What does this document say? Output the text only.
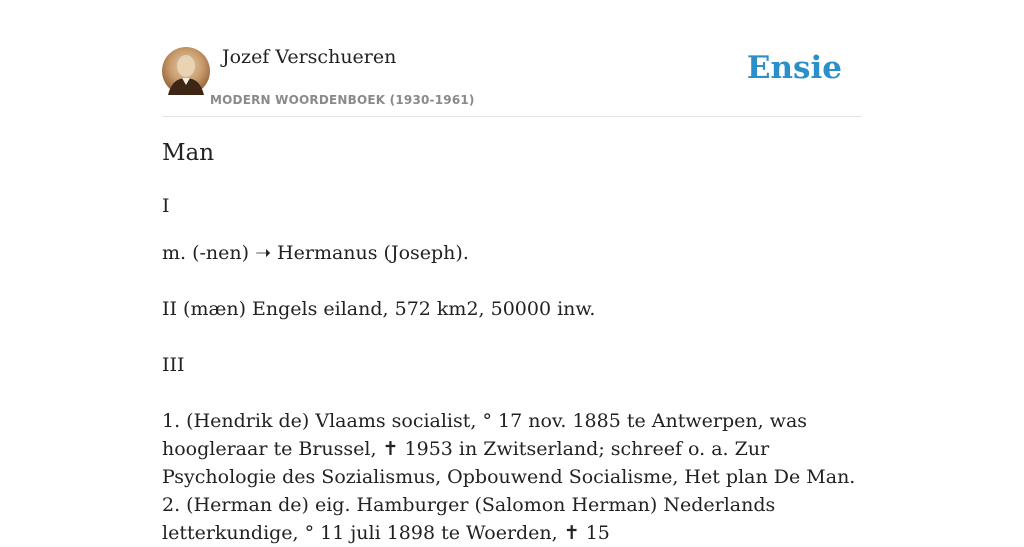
Jozef Verschueren
MODERN WOORDENBOEK (1930-1961)
Ensie
Man

I

m. (-nen) ➝ Hermanus (Joseph).

II (mæn) Engels eiland, 572 km2, 50000 inw.

III

1. (Hendrik de) Vlaams socialist, ° 17 nov. 1885 te Antwerpen, was hoogleraar te Brussel, ✝ 1953 in Zwitserland; schreef o. a. Zur Psychologie des Sozialismus, Opbouwend Socialisme, Het plan De Man. 2. (Herman de) eig. Hamburger (Salomon Herman) Nederlands letterkundige, ° 11 juli 1898 te Woerden, ✝ 15
